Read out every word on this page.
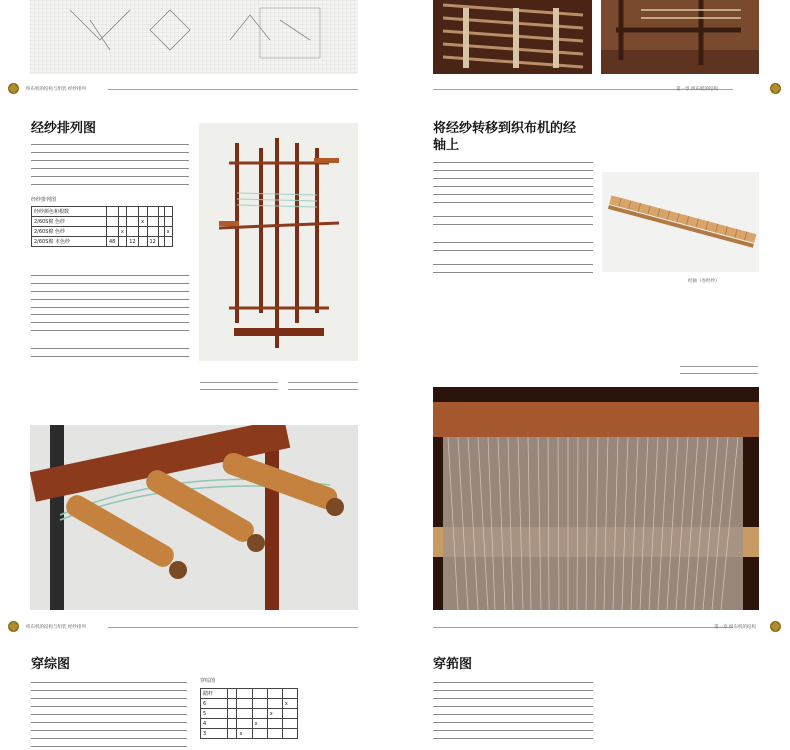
织布机的结构与组装 经纱排列	第一章 织布机的结构
经纱排列图
经纱排列图
经纱颜色和根数							
2/60S棉 色纱				x			
2/60S棉 色纱		x					x
2/60S棉 本色纱	48		12		12		
将经纱转移到织布机的经
轴上
经轴（卷经纱）
织布机的结构与组装 经纱排列	第一章 织布机的结构
穿综图
穿综图
踏杆					
6					x
5				x	
4			x		
3		x			
穿筘图
